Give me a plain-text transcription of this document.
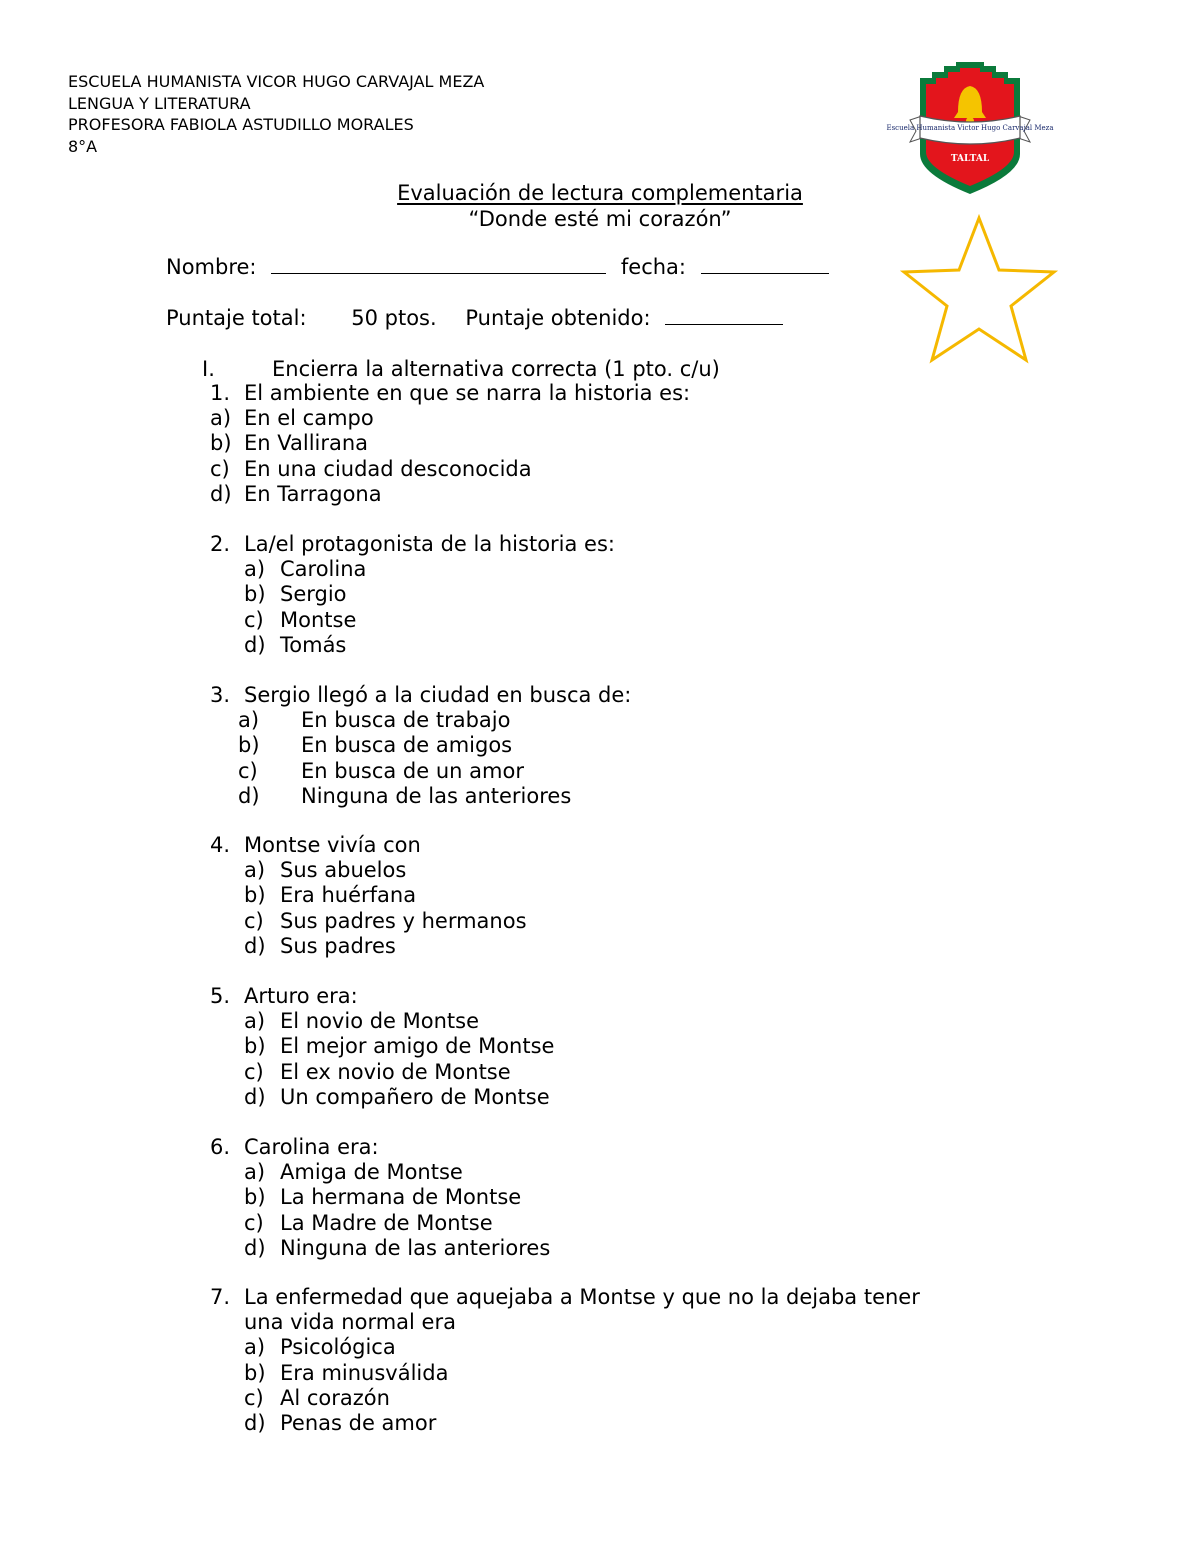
ESCUELA HUMANISTA VICOR HUGO CARVAJAL MEZA
LENGUA Y LITERATURA
PROFESORA FABIOLA ASTUDILLO MORALES
8°A
Escuela Humanista Victor Hugo Carvajal Meza
TALTAL
Evaluación de lectura complementaria
“Donde esté mi corazón”
Nombre:	fecha:
Puntaje total: 50 ptos. Puntaje obtenido:
I.	Encierra la alternativa correcta (1 pto. c/u)
1. El ambiente en que se narra la historia es:
a) En el campo
b) En Vallirana
c) En una ciudad desconocida
d) En Tarragona
2. La/el protagonista de la historia es:
a) Carolina
b) Sergio
c) Montse
d) Tomás
3. Sergio llegó a la ciudad en busca de:
a) En busca de trabajo
b) En busca de amigos
c) En busca de un amor
d) Ninguna de las anteriores
4. Montse vivía con
a) Sus abuelos
b) Era huérfana
c) Sus padres y hermanos
d) Sus padres
5. Arturo era:
a) El novio de Montse
b) El mejor amigo de Montse
c) El ex novio de Montse
d) Un compañero de Montse
6. Carolina era:
a) Amiga de Montse
b) La hermana de Montse
c) La Madre de Montse
d) Ninguna de las anteriores
7. La enfermedad que aquejaba a Montse y que no la dejaba tener
una vida normal era
a) Psicológica
b) Era minusválida
c) Al corazón
d) Penas de amor
